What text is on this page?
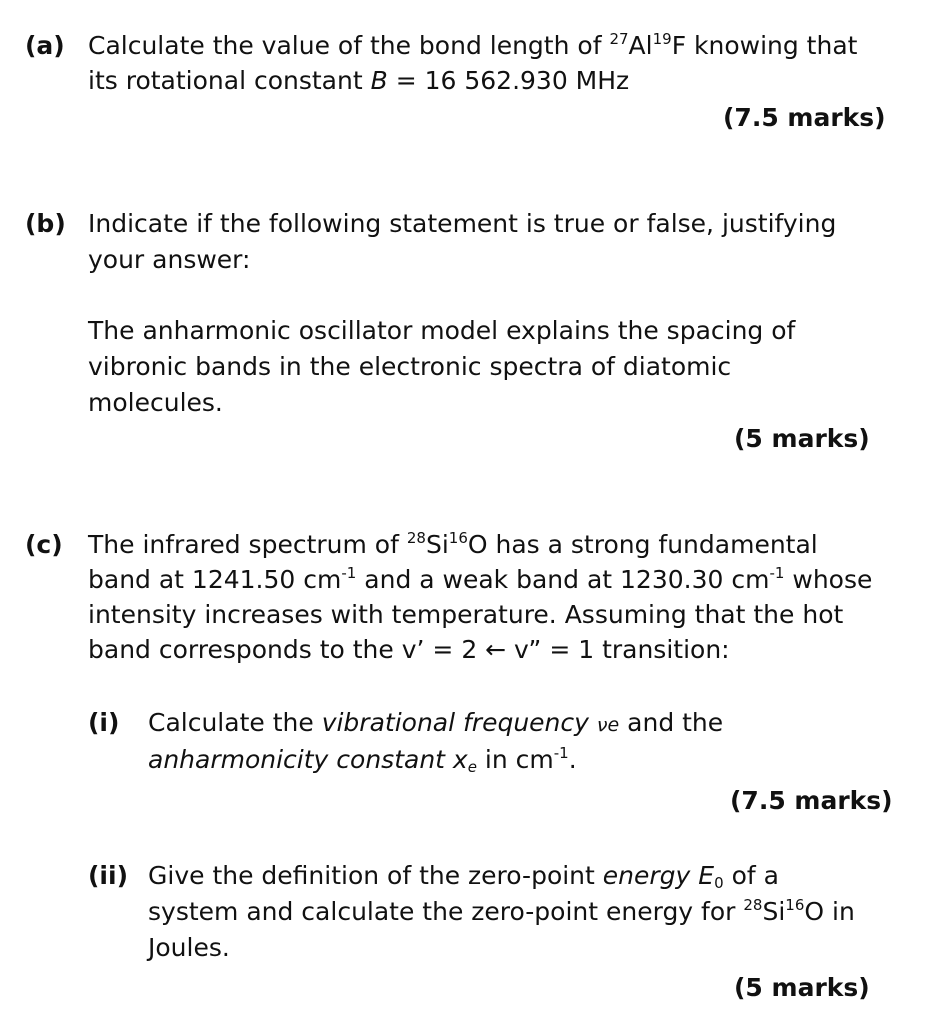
(a) Calculate the value of the bond length of $^{27}$Al$^{19}$F knowing that
its rotational constant B = 16 562.930 MHz
(7.5 marks)
(b) Indicate if the following statement is true or false, justifying
your answer:
The anharmonic oscillator model explains the spacing of
vibronic bands in the electronic spectra of diatomic
molecules.
(5 marks)
(c) The infrared spectrum of $^{28}$Si$^{16}$O has a strong fundamental
band at 1241.50 $cm^{-1}$ and a weak band at 1230.30 $cm^{-1}$ whose
intensity increases with temperature. Assuming that the hot
band corresponds to the v’ = 2 ← v” = 1 transition:
(i) Calculate the vibrational frequency νe and the
anharmonicity constant $x_e$ in $cm^{-1}$.
(7.5 marks)
(ii) Give the definition of the zero-point energy $E_0$ of a
system and calculate the zero-point energy for $^{28}$Si$^{16}$O in
Joules.
(5 marks)
